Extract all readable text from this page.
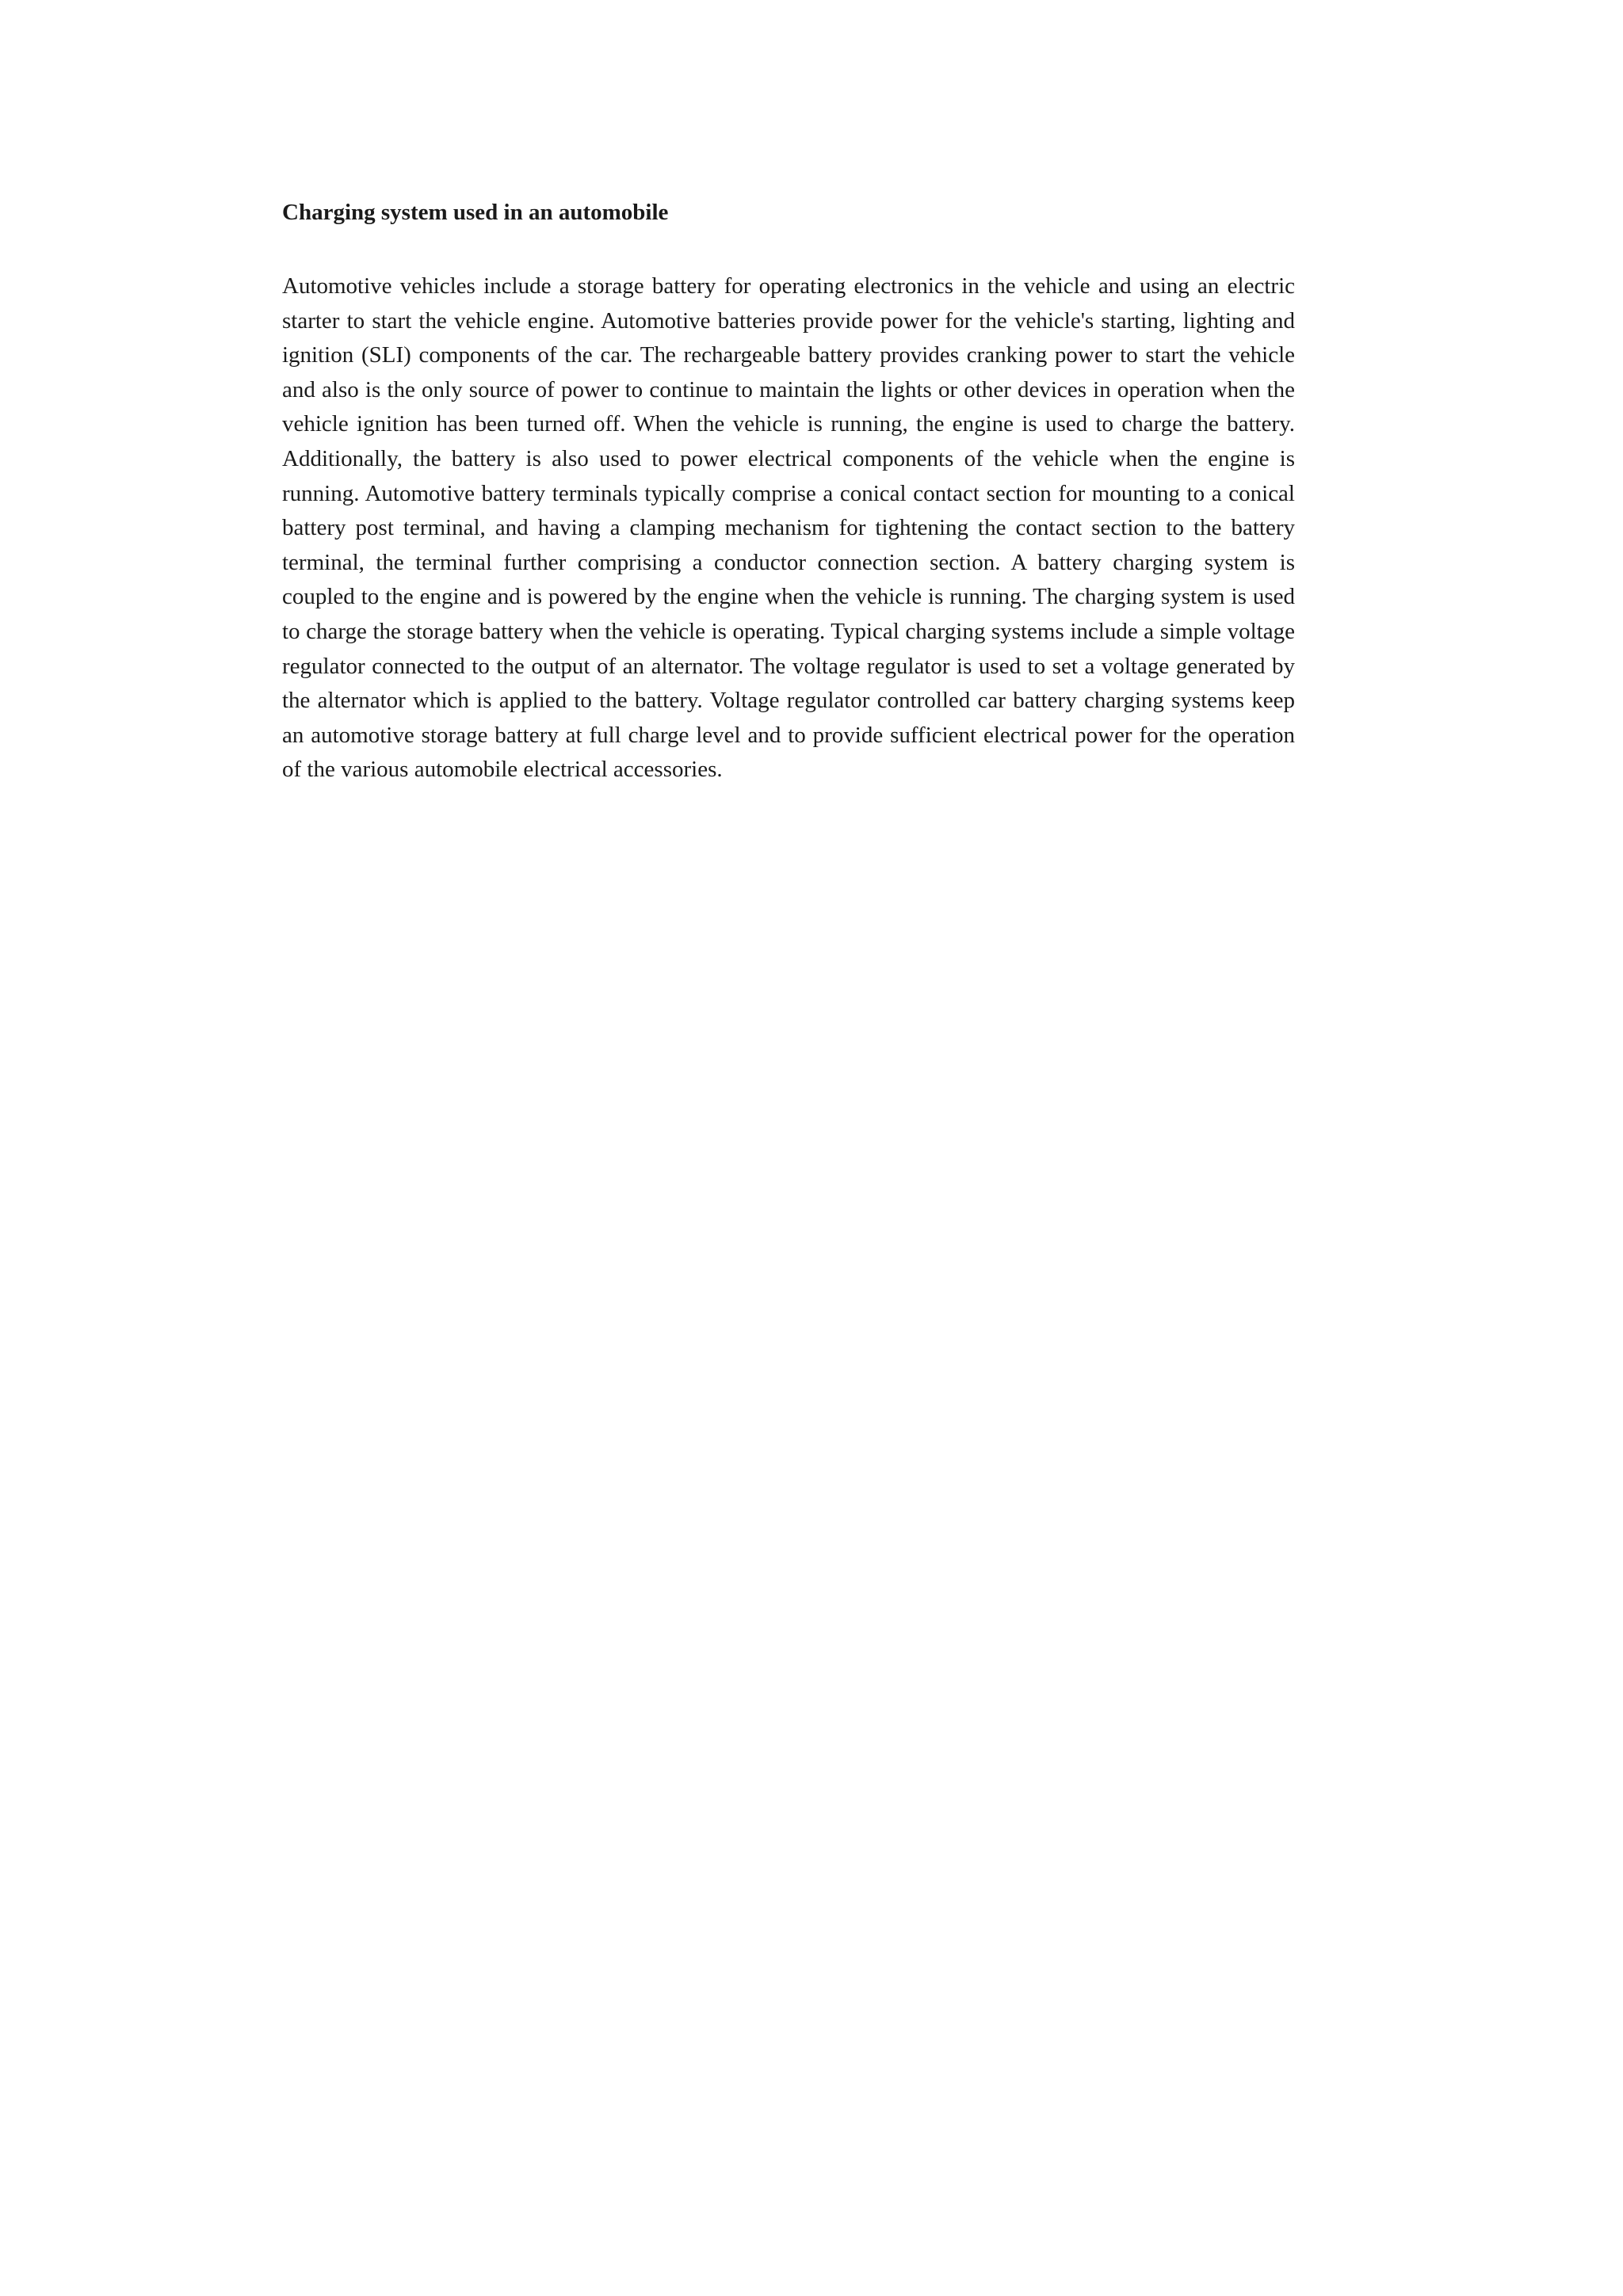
Charging system used in an automobile

Automotive vehicles include a storage battery for operating electronics in the vehicle and using an electric starter to start the vehicle engine. Automotive batteries provide power for the vehicle's starting, lighting and ignition (SLI) components of the car. The rechargeable battery provides cranking power to start the vehicle and also is the only source of power to continue to maintain the lights or other devices in operation when the vehicle ignition has been turned off. When the vehicle is running, the engine is used to charge the battery. Additionally, the battery is also used to power electrical components of the vehicle when the engine is running. Automotive battery terminals typically comprise a conical contact section for mounting to a conical battery post terminal, and having a clamping mechanism for tightening the contact section to the battery terminal, the terminal further comprising a conductor connection section. A battery charging system is coupled to the engine and is powered by the engine when the vehicle is running. The charging system is used to charge the storage battery when the vehicle is operating. Typical charging systems include a simple voltage regulator connected to the output of an alternator. The voltage regulator is used to set a voltage generated by the alternator which is applied to the battery. Voltage regulator controlled car battery charging systems keep an automotive storage battery at full charge level and to provide sufficient electrical power for the operation of the various automobile electrical accessories.
